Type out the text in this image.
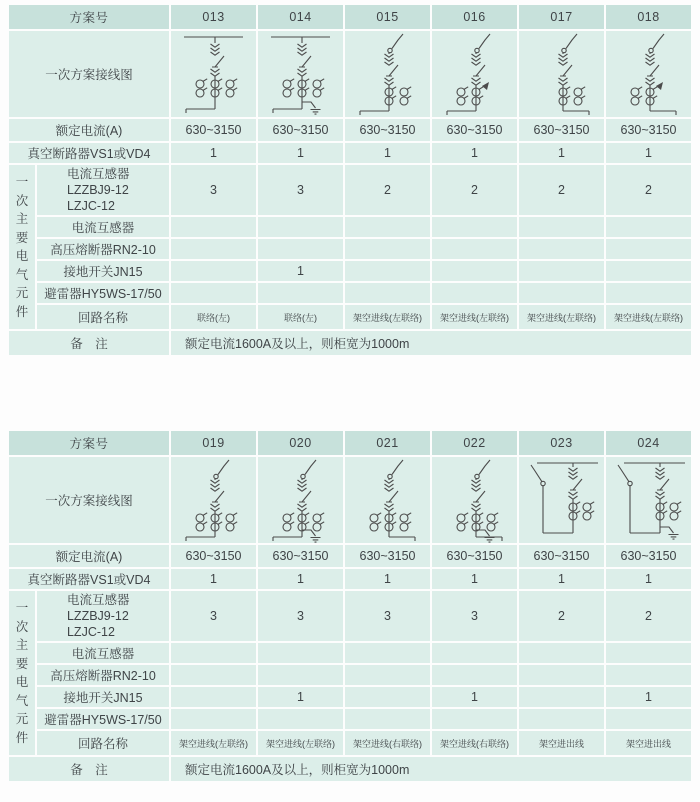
方案号		013	014	015	016	017	018
一次方案接线图	

额定电流(A)		630~3150	630~3150	630~3150	630~3150	630~3150	630~3150
真空断路器VS1或VD4		1	1	1	1	1	1

一
次
主
要
电
气
元
件
	电流互感器
LZZBJ9-12
LZJC-12	3	3	2	2	2	2
	电流互感器						
	高压熔断器RN2-10						
	接地开关JN15		1				
	避雷器HY5WS-17/50						
	回路名称	联络(左)	联络(左)	架空进线(左联络)	架空进线(左联络)	架空进线(左联络)	架空进线(左联络)
备　注		额定电流1600A及以上，则柜宽为1000m					
方案号		019	020	021	022	023	024
一次方案接线图	

额定电流(A)		630~3150	630~3150	630~3150	630~3150	630~3150	630~3150
真空断路器VS1或VD4		1	1	1	1	1	1

一
次
主
要
电
气
元
件
	电流互感器
LZZBJ9-12
LZJC-12	3	3	3	3	2	2
	电流互感器						
	高压熔断器RN2-10						
	接地开关JN15		1		1		1
	避雷器HY5WS-17/50						
	回路名称	架空进线(左联络)	架空进线(左联络)	架空进线(右联络)	架空进线(右联络)	架空进出线	架空进出线
备　注		额定电流1600A及以上，则柜宽为1000m					
